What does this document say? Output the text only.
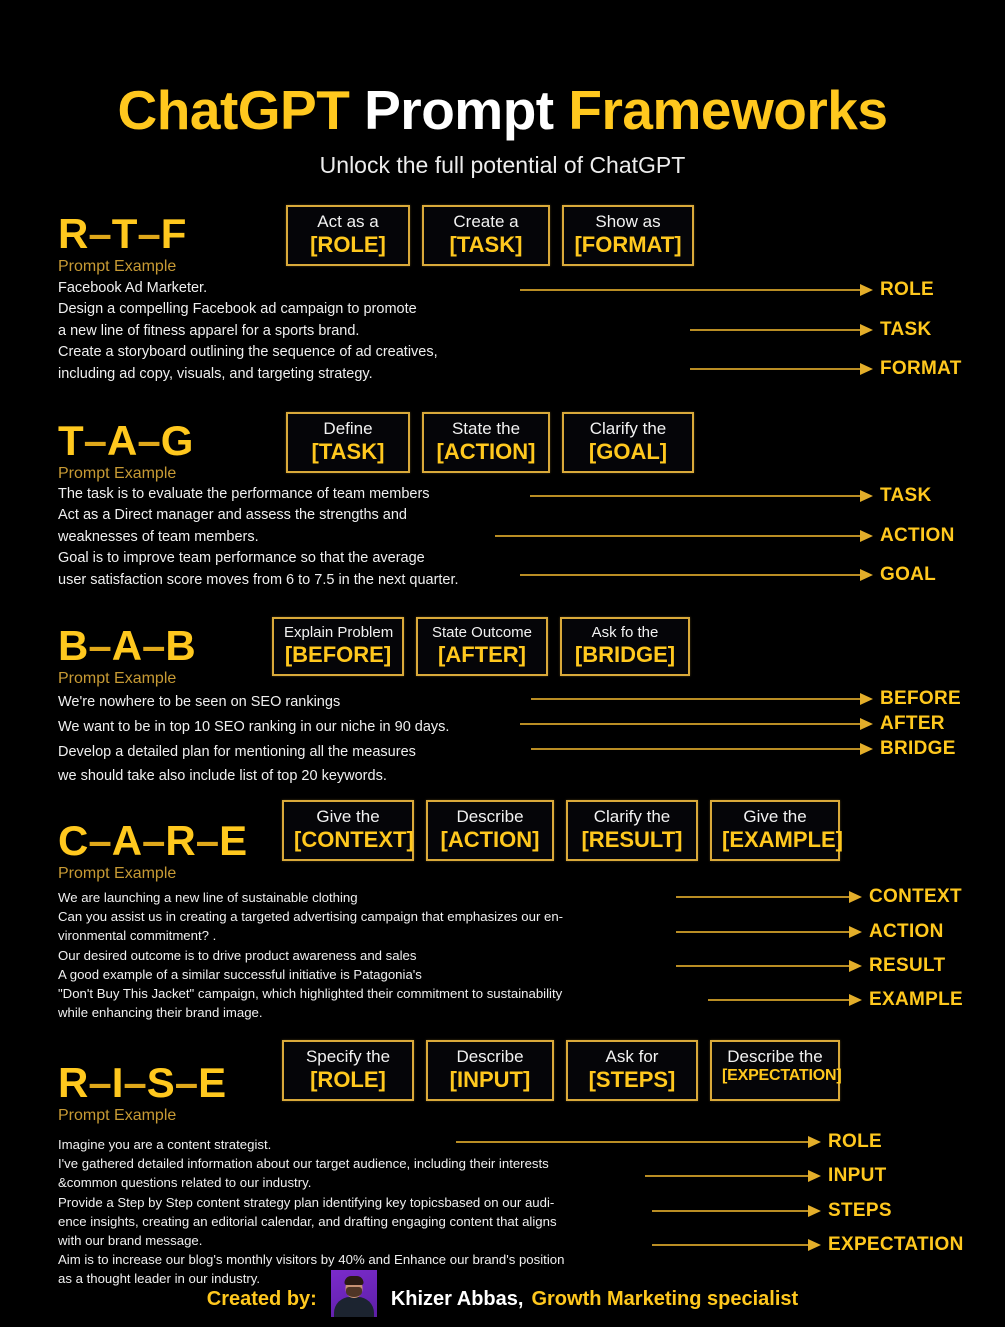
ChatGPT Prompt Frameworks
Unlock the full potential of ChatGPT
R–T–F
Prompt Example
Act as a
[ROLE]
Create a
[TASK]
Show as
[FORMAT]
Facebook Ad Marketer.
Design a compelling Facebook ad campaign to promote
a new line of fitness apparel for a sports brand.
Create a storyboard outlining the sequence of ad creatives,
including ad copy, visuals, and targeting strategy.
ROLE
TASK
FORMAT
T–A–G
Prompt Example
Define
[TASK]
State the
[ACTION]
Clarify the
[GOAL]
The task is to evaluate the performance of team members
Act as a Direct manager and assess the strengths and
weaknesses of team members.
Goal is to improve team performance so that the average
user satisfaction score moves from 6 to 7.5 in the next quarter.
TASK
ACTION
GOAL
B–A–B
Prompt Example
Explain Problem
[BEFORE]
State Outcome
[AFTER]
Ask fo the
[BRIDGE]
We're nowhere to be seen on SEO rankings
We want to be in top 10 SEO ranking in our niche in 90 days.
Develop a detailed plan for mentioning all the measures
we should take also include list of top 20 keywords.
BEFORE
AFTER
BRIDGE
C–A–R–E
Prompt Example
Give the
[CONTEXT]
Describe
[ACTION]
Clarify the
[RESULT]
Give the
[EXAMPLE]
We are launching a new line of sustainable clothing
Can you assist us in creating a targeted advertising campaign that emphasizes our en-
vironmental commitment? .
Our desired outcome is to drive product awareness and sales
A good example of a similar successful initiative is Patagonia's
"Don't Buy This Jacket" campaign, which highlighted their commitment to sustainability
while enhancing their brand image.
CONTEXT
ACTION
RESULT
EXAMPLE
R–I–S–E
Prompt Example
Specify the
[ROLE]
Describe
[INPUT]
Ask for
[STEPS]
Describe the
[EXPECTATION]
Imagine you are a content strategist.
I've gathered detailed information about our target audience, including their interests
&common questions related to our industry.
Provide a Step by Step content strategy plan identifying key topicsbased on our audi-
ence insights, creating an editorial calendar, and drafting engaging content that aligns
with our brand message.
Aim is to increase our blog's monthly visitors by 40% and Enhance our brand's position
as a thought leader in our industry.
ROLE
INPUT
STEPS
EXPECTATION
Created by:	Khizer Abbas, Growth Marketing specialist
